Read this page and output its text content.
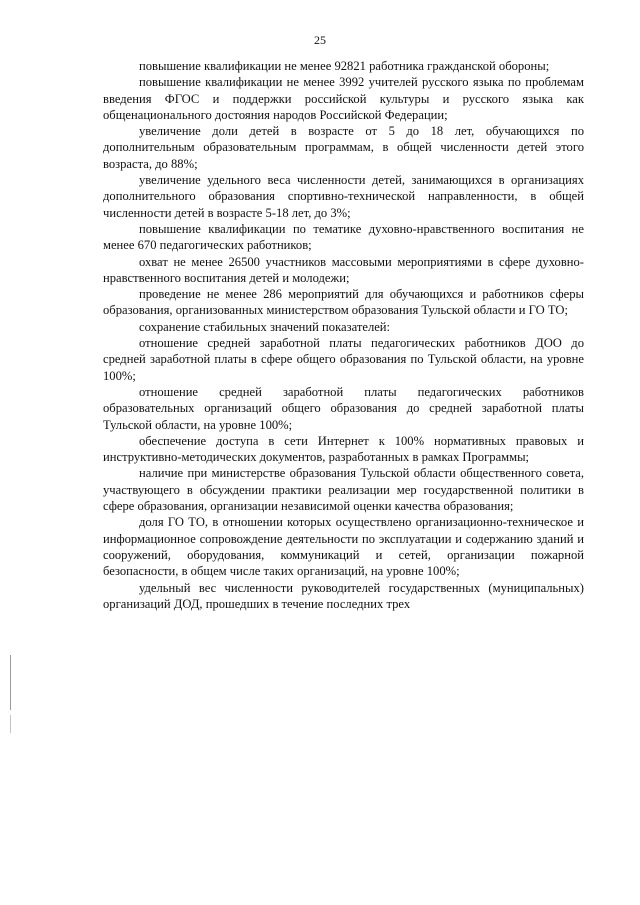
25

повышение квалификации не менее 92821 работника гражданской обороны;

повышение квалификации не менее 3992 учителей русского языка по проблемам введения ФГОС и поддержки российской культуры и русского языка как общенационального достояния народов Российской Федерации;

увеличение доли детей в возрасте от 5 до 18 лет, обучающихся по дополнительным образовательным программам, в общей численности детей этого возраста, до 88%;

увеличение удельного веса численности детей, занимающихся в организациях дополнительного образования спортивно-технической направленности, в общей численности детей в возрасте 5-18 лет, до 3%;

повышение квалификации по тематике духовно-нравственного воспитания не менее 670 педагогических работников;

охват не менее 26500 участников массовыми мероприятиями в сфере духовно-нравственного воспитания детей и молодежи;

проведение не менее 286 мероприятий для обучающихся и работников сферы образования, организованных министерством образования Тульской области и ГО ТО;

сохранение стабильных значений показателей:

отношение средней заработной платы педагогических работников ДОО до средней заработной платы в сфере общего образования по Тульской области, на уровне 100%;

отношение средней заработной платы педагогических работников образовательных организаций общего образования до средней заработной платы Тульской области, на уровне 100%;

обеспечение доступа в сети Интернет к 100% нормативных правовых и инструктивно-методических документов, разработанных в рамках Программы;

наличие при министерстве образования Тульской области общественного совета, участвующего в обсуждении практики реализации мер государственной политики в сфере образования, организации независимой оценки качества образования;

доля ГО ТО, в отношении которых осуществлено организационно-техническое и информационное сопровождение деятельности по эксплуатации и содержанию зданий и сооружений, оборудования, коммуникаций и сетей, организации пожарной безопасности, в общем числе таких организаций, на уровне 100%;

удельный вес численности руководителей государственных (муниципальных) организаций ДОД, прошедших в течение последних трех
